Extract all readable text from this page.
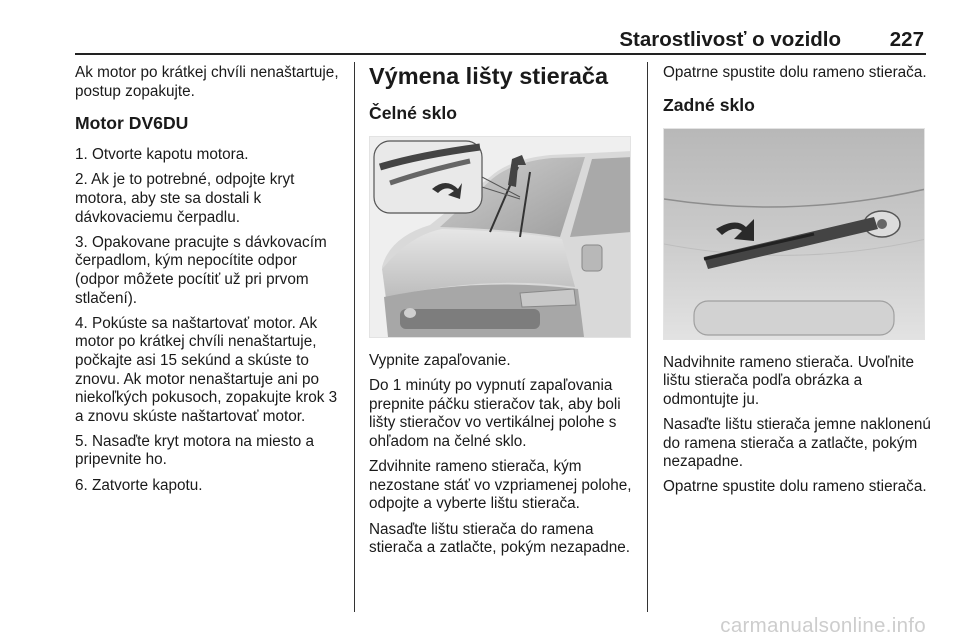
Starostlivosť o vozidlo 227

Ak motor po krátkej chvíli nenaštartuje, postup zopakujte.

Motor DV6DU

1. Otvorte kapotu motora.

2. Ak je to potrebné, odpojte kryt motora, aby ste sa dostali k dávkovaciemu čerpadlu.

3. Opakovane pracujte s dávkovacím čerpadlom, kým nepocítite odpor (odpor môžete pocítiť už pri prvom stlačení).

4. Pokúste sa naštartovať motor. Ak motor po krátkej chvíli nenaštartuje, počkajte asi 15 sekúnd a skúste to znovu. Ak motor nenaštartuje ani po niekoľkých pokusoch, zopakujte krok 3 a znovu skúste naštartovať motor.

5. Nasaďte kryt motora na miesto a pripevnite ho.

6. Zatvorte kapotu.

Výmena lišty stierača
Čelné sklo

Vypnite zapaľovanie.

Do 1 minúty po vypnutí zapaľovania prepnite páčku stieračov tak, aby boli lišty stieračov vo vertikálnej polohe s ohľadom na čelné sklo.

Zdvihnite rameno stierača, kým nezostane stáť vo vzpriamenej polohe, odpojte a vyberte lištu stierača.

Nasaďte lištu stierača do ramena stierača a zatlačte, pokým nezapadne.

Opatrne spustite dolu rameno stierača.

Zadné sklo

Nadvihnite rameno stierača. Uvoľnite lištu stierača podľa obrázka a odmontujte ju.

Nasaďte lištu stierača jemne naklonenú do ramena stierača a zatlačte, pokým nezapadne.

Opatrne spustite dolu rameno stierača.

carmanualsonline.info
